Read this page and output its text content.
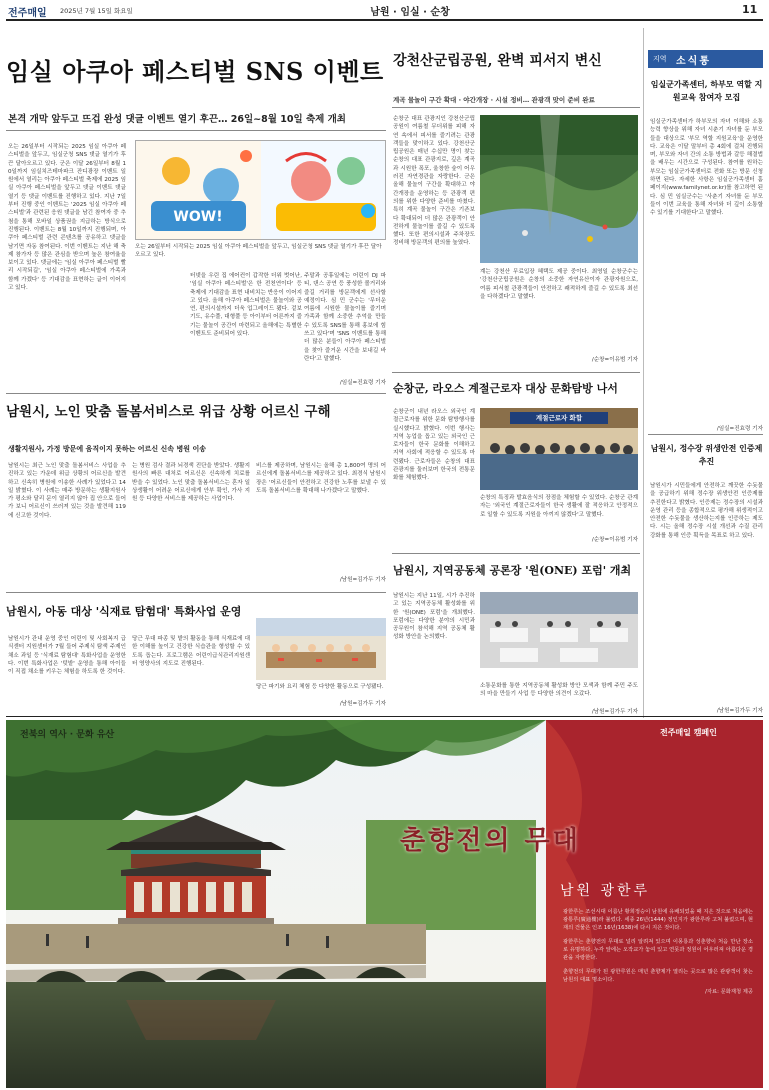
전주매일 2025년 7월 15일 화요일	남원 · 임실 · 순창	11
임실 아쿠아 페스티벌 SNS 이벤트
본격 개막 앞두고 뜨겁 완성 댓글 이벤트 열기 후끈… 26일~8월 10일 축제 개최
오는 26일부터 시작되는 2025 임실 아쿠아 페스티벌을 앞두고, 임실군청 SNS 댓글 열기가 후끈 달아오르고 있다. 군은 이달 26일부터 8월 10일까지 임실치즈테마파크 잔디광장 이벤트 일원에서 열리는 아쿠아 페스티벌 축제에 2025 임실 아쿠아 페스티벌을 앞두고 댓글 이벤트 댓글 열기 등 댓글 이벤트를 진행하고 있다. 지난 7일부터 진행 중인 이벤트는 '2025 임실 아쿠아 페스티벌'과 관련된 응원 댓글을 남긴 참여자 중 추첨을 통해 모바일 상품권을 지급하는 방식으로 진행된다. 이벤트는 8월 10일까지 진행되며, 아쿠아 페스티벌 관련 콘텐츠를 공유하고 댓글을 남기면 자동 참여된다. 이번 이벤트는 지난 해 축제 참가자 등 많은 관심을 받으며 높은 참여율을 보이고 있다. 댓글에는 '임실 아쿠아 페스티벌 빨리 시작되길', '임실 아쿠아 페스티벌에 가족과 함께 가겠다' 등 기대감을 표현하는 글이 이어지고 있다.
WOW!
오는 26일부터 시작되는 2025 임실 아쿠아 페스티벌을 앞두고, 임실군청 SNS 댓글 열기가 후끈 달아오르고 있다.
터넷을 우린 집 에어컨이 갑작한 더위 벗어난, '임실 아쿠아 페스티벌'은 한 전천연이다' 등 축제에 기대감을 표현 내비치는 반응이 이어지고 있다. 올해 아쿠아 페스티벌은 물놀이와 공연, 편의시설까지 더욱 업그레이드 됐다. 겉보기도, 유수풀, 대형풀 등 아이부터 어른까지 즐기는 물놀이 공간이 마련되고 올해에는 특별한 이벤트도 준비되어 있다.
주말과 공휴일에는 어린이 DJ 파티, 댄스 공연 등 풍성한 볼거리와 즐길 거리를 방문객에게 선사할 예정이다. 심 민 군수는 '무더운 여름에 시원한 물놀이를 즐기며 가족과 함께 소중한 추억을 만들 수 있도록 SNS를 통해 홍보에 힘쓰고 있다'며 'SNS 이벤트를 통해 더 많은 분들이 아쿠아 페스티벌을 찾아 즐거운 시간을 보내길 바란다'고 말했다.
/임실=진효령 기자
강천산군립공원, 완벽 피서지 변신
계곡 물놀이 구간 확대 · 야간개장 · 시설 정비… 관광객 맞이 준비 완료
순창군 대표 관광지인 강천산군립공원이 여름철 무더위를 피해 자연 속에서 피서를 즐기려는 관광객들을 맞이하고 있다. 강천산군립공원은 매년 수십만 명이 찾는 순창의 대표 관광지로, 깊은 계곡과 시원한 폭포, 울창한 숲이 어우러진 자연경관을 자랑한다. 군은 올해 물놀이 구간을 확대하고 야간개장을 운영하는 등 관광객 편의를 위한 다양한 준비를 마쳤다. 특히 계곡 물놀이 구간은 기존보다 확대되어 더 많은 관광객이 안전하게 물놀이를 즐길 수 있도록 했다. 또한 편의시설과 주차장도 정비해 방문객의 편의를 높였다.
계는 강천산 무료입장 혜택도 제공 중이다. 최영일 순창군수는 '강천산군립공원은 순창의 소중한 자연유산이자 관광자원으로, 여름 피서철 관광객들이 안전하고 쾌적하게 즐길 수 있도록 최선을 다하겠다'고 말했다.
/순창=이유범 기자
남원시, 노인 맞춤 돌봄서비스로 위급 상황 어르신 구해
생활지원사, 가정 방문에 움직이지 못하는 어르신 신속 병원 이송
남원시는 최근 노인 맞춤 돌봄서비스 사업을 추진하고 있는 가운데 위급 상황의 어르신을 발견하고 신속히 병원에 이송한 사례가 있었다고 14일 밝혔다. 이 사례는 매주 방문하는 생활지원사가 평소와 달리 문이 열리지 않아 집 안으로 들어가 보니 어르신이 쓰러져 있는 것을 발견해 119에 신고한 것이다.
는 병원 검사 결과 뇌경색 진단을 받았다. 생활지원사의 빠른 대처로 어르신은 신속하게 치료를 받을 수 있었다. 노인 맞춤 돌봄서비스는 혼자 일상생활이 어려운 어르신에게 안부 확인, 가사 지원 등 다양한 서비스를 제공하는 사업이다.
비스를 제공하며, 남원시는 올해 총 1,800여 명의 어르신에게 돌봄서비스를 제공하고 있다. 최경식 남원시장은 '어르신들이 안전하고 건강한 노후를 보낼 수 있도록 돌봄서비스를 확대해 나가겠다'고 말했다.
/남원=김가두 기자
순창군, 라오스 계절근로자 대상 문화탐방 나서
순창군이 내년 라오스 외국인 계절근로자를 위한 문화 탐방행사를 실시했다고 밝혔다. 이번 행사는 지역 농업을 돕고 있는 외국인 근로자들이 한국 문화를 이해하고 지역 사회에 적응할 수 있도록 마련됐다. 근로자들은 순창의 대표 관광지를 둘러보며 한국의 전통문화를 체험했다.
계절근로자 화합
순창의 특징과 발효음식의 장점을 체험할 수 있었다. 순창군 관계자는 '외국인 계절근로자들이 한국 생활에 잘 적응하고 안정적으로 일할 수 있도록 지원을 아끼지 않겠다'고 말했다.
/순창=이유범 기자
남원시, 아동 대상 '식재료 탐험대' 특화사업 운영
남원시가 관내 운영 중인 어린이 및 사회복지 급식센터 지원센터가 7월 들어 주제식 탐색 주제인 채소 과일 등 '식재료 탐험대' 특화사업을 운영한다. 이번 특화사업은 '텃밭' 운영을 통해 아이들이 직접 채소를 키우는 체험을 하도록 한 것이다.
당근 무대 파종 및 밭의 활동을 통해 식재료에 대한 이해를 높이고 건강한 식습관을 형성할 수 있도록 돕는다. 프로그램은 어린이급식관리지원센터 영양사의 지도로 진행된다.
당근 파기와 요리 체험 등 다양한 활동으로 구성됐다.
/남원=김가두 기자
남원시, 지역공동체 공론장 '원(ONE) 포럼' 개최
남원시는 지난 11일, 시가 추진하고 있는 지역공동체 활성화를 위한 '원(ONE) 포럼'을 개최했다. 포럼에는 다양한 분야의 시민과 공무원이 참석해 지역 공동체 활성화 방안을 논의했다.
소통문화를 통한 지역공동체 활성화 방안 모색과 함께 주민 주도의 마을 만들기 사업 등 다양한 의견이 오갔다.
/남원=김가두 기자
지역 소식통
임실군가족센터, 하부모 역할 지원교육 참여자 모집
임실군가족센터가 하부모의 자녀 이해와 소통 능력 향상을 위해 자녀 시춘기 자녀를 둔 부모들을 대상으로 '부모 역할 지원교육'을 운영한다. 교육은 이달 말부터 총 4회에 걸쳐 진행되며, 부모와 자녀 간의 소통 방법과 갈등 해결법을 배우는 시간으로 구성된다. 참여를 원하는 부모는 임실군가족센터로 전화 또는 방문 신청하면 된다. 자세한 사항은 임실군가족센터 홈페이지(www.familynet.or.kr)를 참고하면 된다. 심 민 임실군수는 '사춘기 자녀를 둔 부모들이 이번 교육을 통해 자녀와 더 깊이 소통할 수 있기를 기대한다'고 말했다.
/임실=진효령 기자
남원시, 정수장 위생안전 인증제 추진
남원시가 시민들에게 안전하고 깨끗한 수돗물을 공급하기 위해 정수장 위생안전 인증제를 추진한다고 밝혔다. 인증제는 정수장의 시설과 운영 관리 등을 종합적으로 평가해 위생적이고 안전한 수돗물을 생산하는지를 인증하는 제도다. 시는 올해 정수장 시설 개선과 수질 관리 강화를 통해 인증 획득을 목표로 하고 있다.
/남원=김가두 기자
전북의 역사 · 문화 유산	전주매일 캠페인
춘향전의 무대
남원 광한루

광한루는 조선시대 이름난 황희정승이 남원에 유배되었을 때 지은 것으로 처음에는 광통루(廣通樓)라 불렀다. 세종 26년(1444) 정인지가 광한루라 고쳐 불렀으며, 현재의 건물은 인조 16년(1638)에 다시 지은 것이다.

광한루는 춘향전의 무대로 널리 알려져 있으며 이몽룡과 성춘향이 처음 만난 장소로 유명하다. 누각 앞에는 오작교가 놓여 있고 연못과 정원이 어우러져 아름다운 경관을 자랑한다.

춘향전의 무대가 된 광한루원은 매년 춘향제가 열리는 곳으로 많은 관광객이 찾는 남원의 대표 명소이다.

/자료: 문화재청 제공
